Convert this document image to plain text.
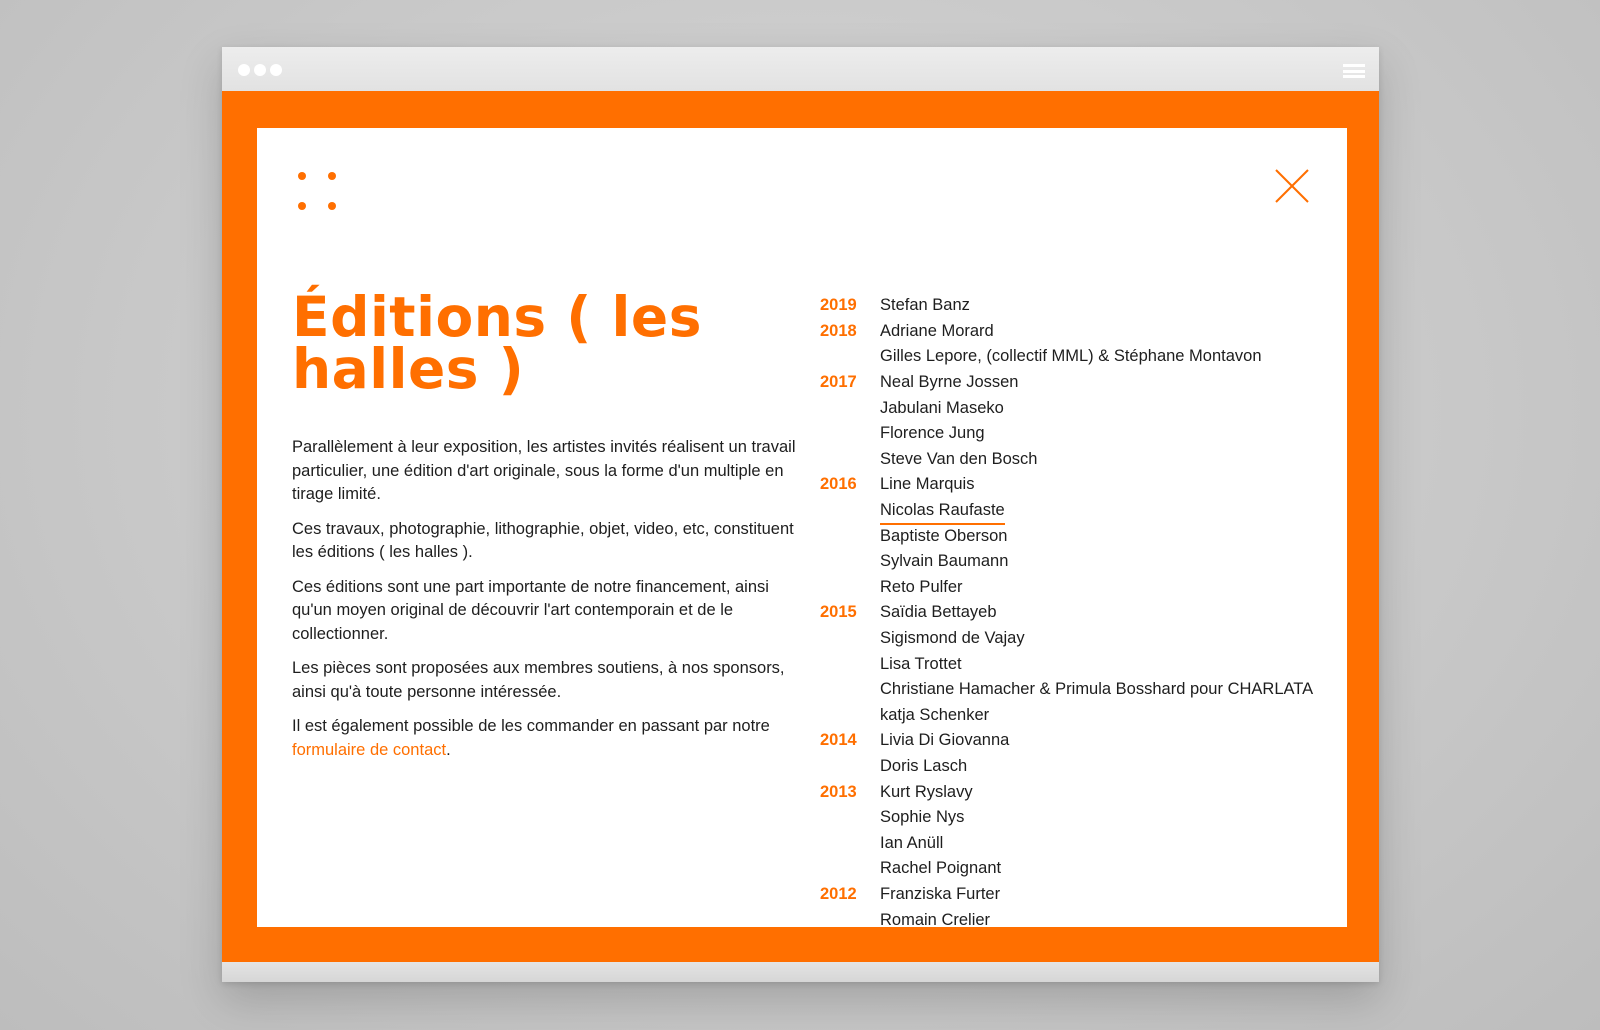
Éditions ( les halles )

Parallèlement à leur exposition, les artistes invités réalisent un travail particulier, une édition d'art originale, sous la forme d'un multiple en tirage limité.

Ces travaux, photographie, lithographie, objet, video, etc, constituent les éditions ( les halles ).

Ces éditions sont une part importante de notre financement, ainsi qu'un moyen original de découvrir l'art contemporain et de le collectionner.

Les pièces sont proposées aux membres soutiens, à nos sponsors, ainsi qu'à toute personne intéressée.

Il est également possible de les commander en passant par notre formulaire de contact.

2019	Stefan Banz
2018	Adriane Morard
Gilles Lepore, (collectif MML) & Stéphane Montavon
2017	Neal Byrne Jossen
Jabulani Maseko
Florence Jung
Steve Van den Bosch
2016	Line Marquis
Nicolas Raufaste
Baptiste Oberson
Sylvain Baumann
Reto Pulfer
2015	Saïdia Bettayeb
Sigismond de Vajay
Lisa Trottet
Christiane Hamacher & Primula Bosshard pour CHARLATA
katja Schenker
2014	Livia Di Giovanna
Doris Lasch
2013	Kurt Ryslavy
Sophie Nys
Ian Anüll
Rachel Poignant
2012	Franziska Furter
Romain Crelier
